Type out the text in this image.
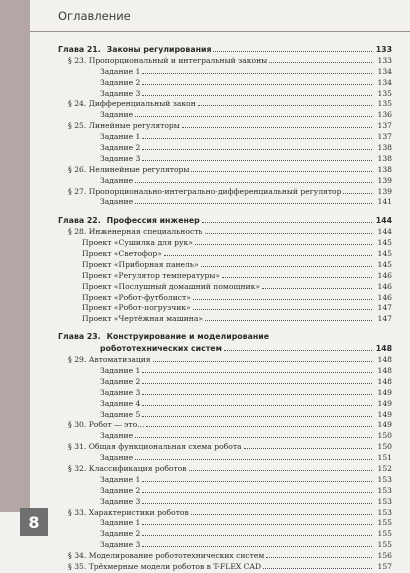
Оглавление
8
Глава 21. Законы регулирования	133
§ 23. Пропорциональный и интегральный законы	133
Задание 1	134
Задание 2	134
Задание 3	135
§ 24. Дифференциальный закон	135
Задание	136
§ 25. Линейные регуляторы	137
Задание 1	137
Задание 2	138
Задание 3	138
§ 26. Нелинейные регуляторы	138
Задание	139
§ 27. Пропорционально-интегрально-дифференциальный регулятор	139
Задание	141
Глава 22. Профессия инженер	144
§ 28. Инженерная специальность	144
Проект «Сушилка для рук»	145
Проект «Светофор»	145
Проект «Приборная панель»	145
Проект «Регулятор температуры»	146
Проект «Послушный домашний помощник»	146
Проект «Робот-футболист»	146
Проект «Робот-погрузчик»	147
Проект «Чертёжная машина»	147
Глава 23. Конструирование и моделирование
робототехнических систем	148
§ 29. Автоматизация	148
Задание 1	148
Задание 2	148
Задание 3	149
Задание 4	149
Задание 5	149
§ 30. Робот — это...	149
Задание	150
§ 31. Общая функциональная схема робота	150
Задание	151
§ 32. Классификация роботов	152
Задание 1	153
Задание 2	153
Задание 3	153
§ 33. Характеристики роботов	153
Задание 1	155
Задание 2	155
Задание 3	155
§ 34. Моделирование робототехнических систем	156
§ 35. Трёхмерные модели роботов в T-FLEX CAD	157
